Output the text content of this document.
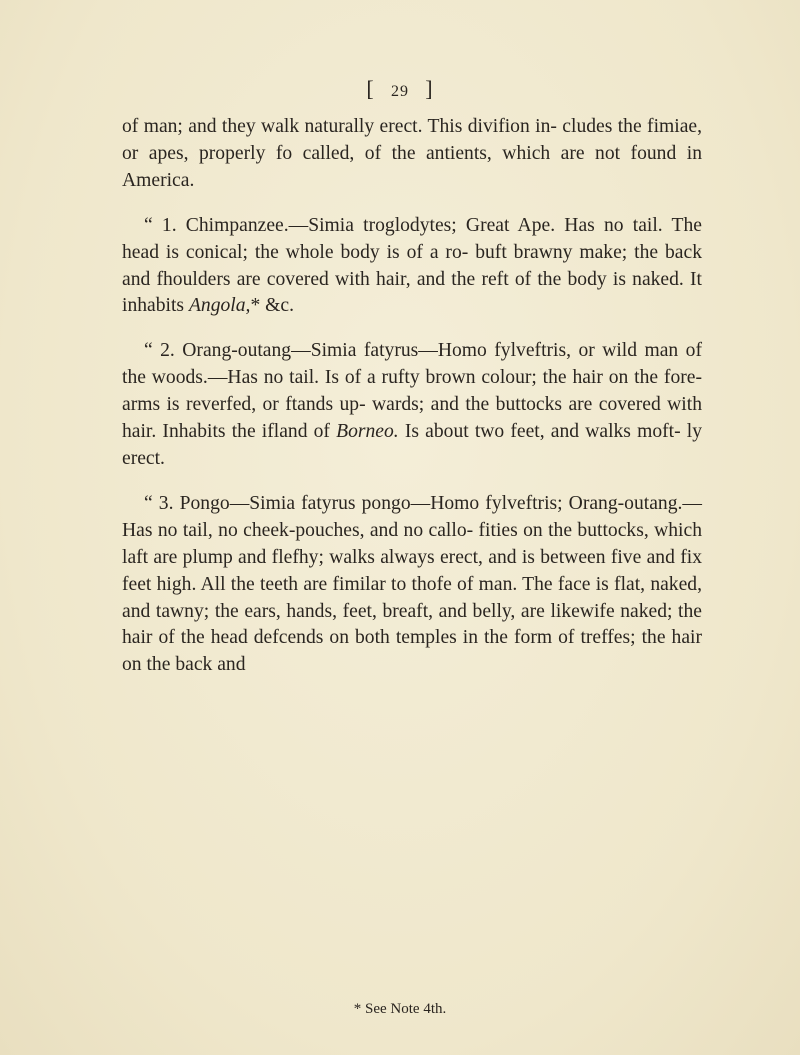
[ 29 ]

of man; and they walk naturally erect. This divifion in- cludes the fimiae, or apes, properly fo called, of the antients, which are not found in America.

“ 1. Chimpanzee.—Simia troglodytes; Great Ape. Has no tail. The head is conical; the whole body is of a ro- buft brawny make; the back and fhoulders are covered with hair, and the reft of the body is naked. It inhabits Angola,* &c.

“ 2. Orang-outang—Simia fatyrus—Homo fylveftris, or wild man of the woods.—Has no tail. Is of a rufty brown colour; the hair on the fore-arms is reverfed, or ftands up- wards; and the buttocks are covered with hair. Inhabits the ifland of Borneo. Is about two feet, and walks moft- ly erect.

“ 3. Pongo—Simia fatyrus pongo—Homo fylveftris; Orang-outang.—Has no tail, no cheek-pouches, and no callo- fities on the buttocks, which laft are plump and flefhy; walks always erect, and is between five and fix feet high. All the teeth are fimilar to thofe of man. The face is flat, naked, and tawny; the ears, hands, feet, breaft, and belly, are likewife naked; the hair of the head defcends on both temples in the form of treffes; the hair on the back and

* See Note 4th.
